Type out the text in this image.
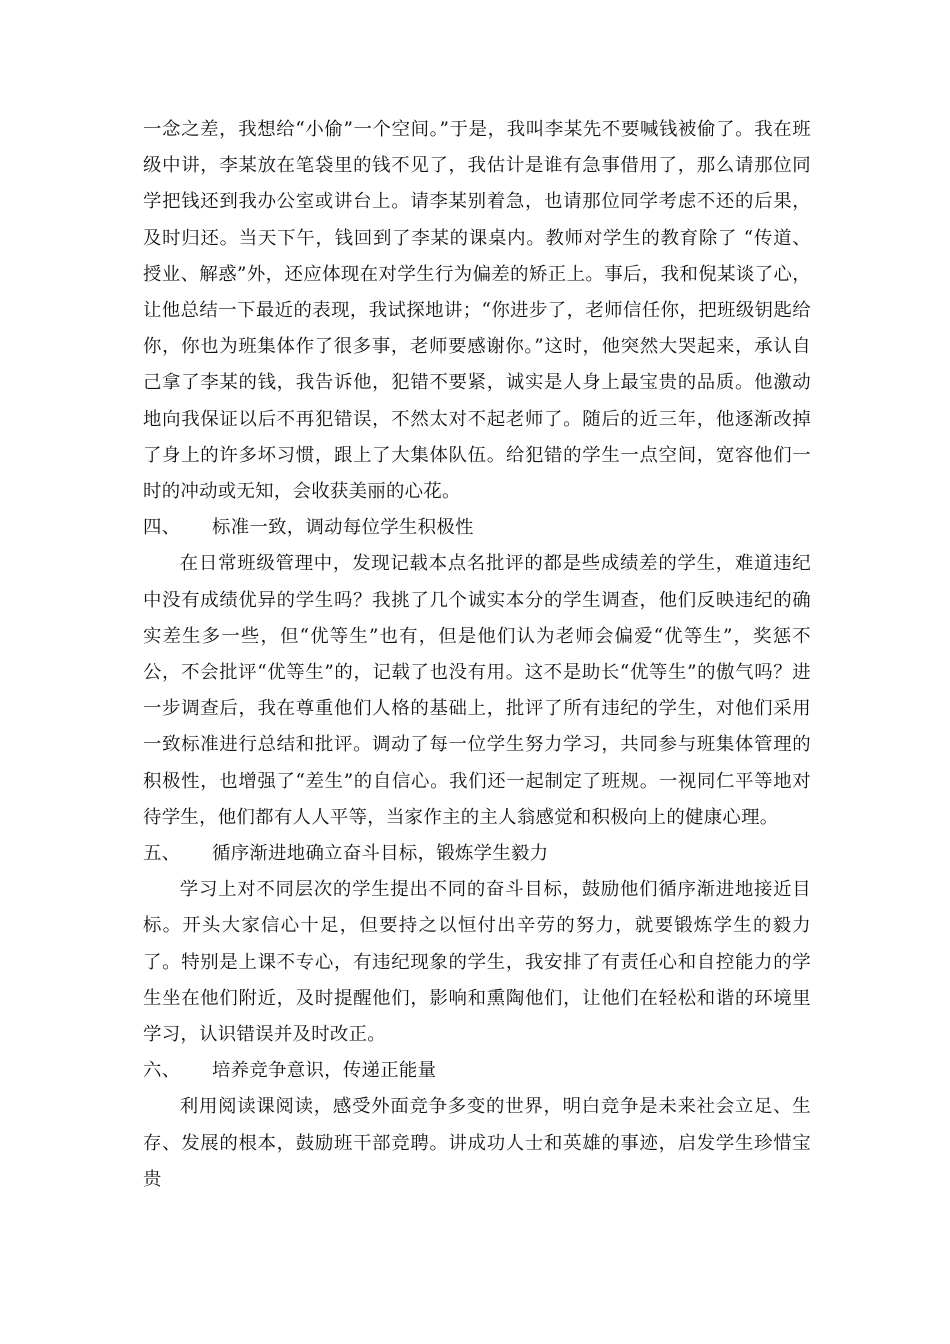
一念之差，我想给“小偷”一个空间。”于是，我叫李某先不要喊钱被偷了。我在班级中讲，李某放在笔袋里的钱不见了，我估计是谁有急事借用了，那么请那位同学把钱还到我办公室或讲台上。请李某别着急，也请那位同学考虑不还的后果，及时归还。当天下午，钱回到了李某的课桌内。教师对学生的教育除了 “传道、授业、解惑”外，还应体现在对学生行为偏差的矫正上。事后，我和倪某谈了心，让他总结一下最近的表现，我试探地讲；“你进步了，老师信任你，把班级钥匙给你，你也为班集体作了很多事，老师要感谢你。”这时，他突然大哭起来，承认自己拿了李某的钱，我告诉他，犯错不要紧，诚实是人身上最宝贵的品质。他激动地向我保证以后不再犯错误，不然太对不起老师了。随后的近三年，他逐渐改掉了身上的许多坏习惯，跟上了大集体队伍。给犯错的学生一点空间，宽容他们一时的冲动或无知，会收获美丽的心花。

四、 标准一致，调动每位学生积极性

在日常班级管理中，发现记载本点名批评的都是些成绩差的学生，难道违纪中没有成绩优异的学生吗？我挑了几个诚实本分的学生调查，他们反映违纪的确实差生多一些，但“优等生”也有，但是他们认为老师会偏爱“优等生”，奖惩不公，不会批评“优等生”的，记载了也没有用。这不是助长“优等生”的傲气吗？进一步调查后，我在尊重他们人格的基础上，批评了所有违纪的学生，对他们采用一致标准进行总结和批评。调动了每一位学生努力学习，共同参与班集体管理的积极性，也增强了“差生”的自信心。我们还一起制定了班规。一视同仁平等地对待学生，他们都有人人平等，当家作主的主人翁感觉和积极向上的健康心理。

五、 循序渐进地确立奋斗目标，锻炼学生毅力

学习上对不同层次的学生提出不同的奋斗目标，鼓励他们循序渐进地接近目标。开头大家信心十足，但要持之以恒付出辛劳的努力，就要锻炼学生的毅力了。特别是上课不专心，有违纪现象的学生，我安排了有责任心和自控能力的学生坐在他们附近，及时提醒他们，影响和熏陶他们，让他们在轻松和谐的环境里学习，认识错误并及时改正。

六、 培养竞争意识，传递正能量

利用阅读课阅读，感受外面竞争多变的世界，明白竞争是未来社会立足、生存、发展的根本，鼓励班干部竞聘。讲成功人士和英雄的事迹，启发学生珍惜宝贵
